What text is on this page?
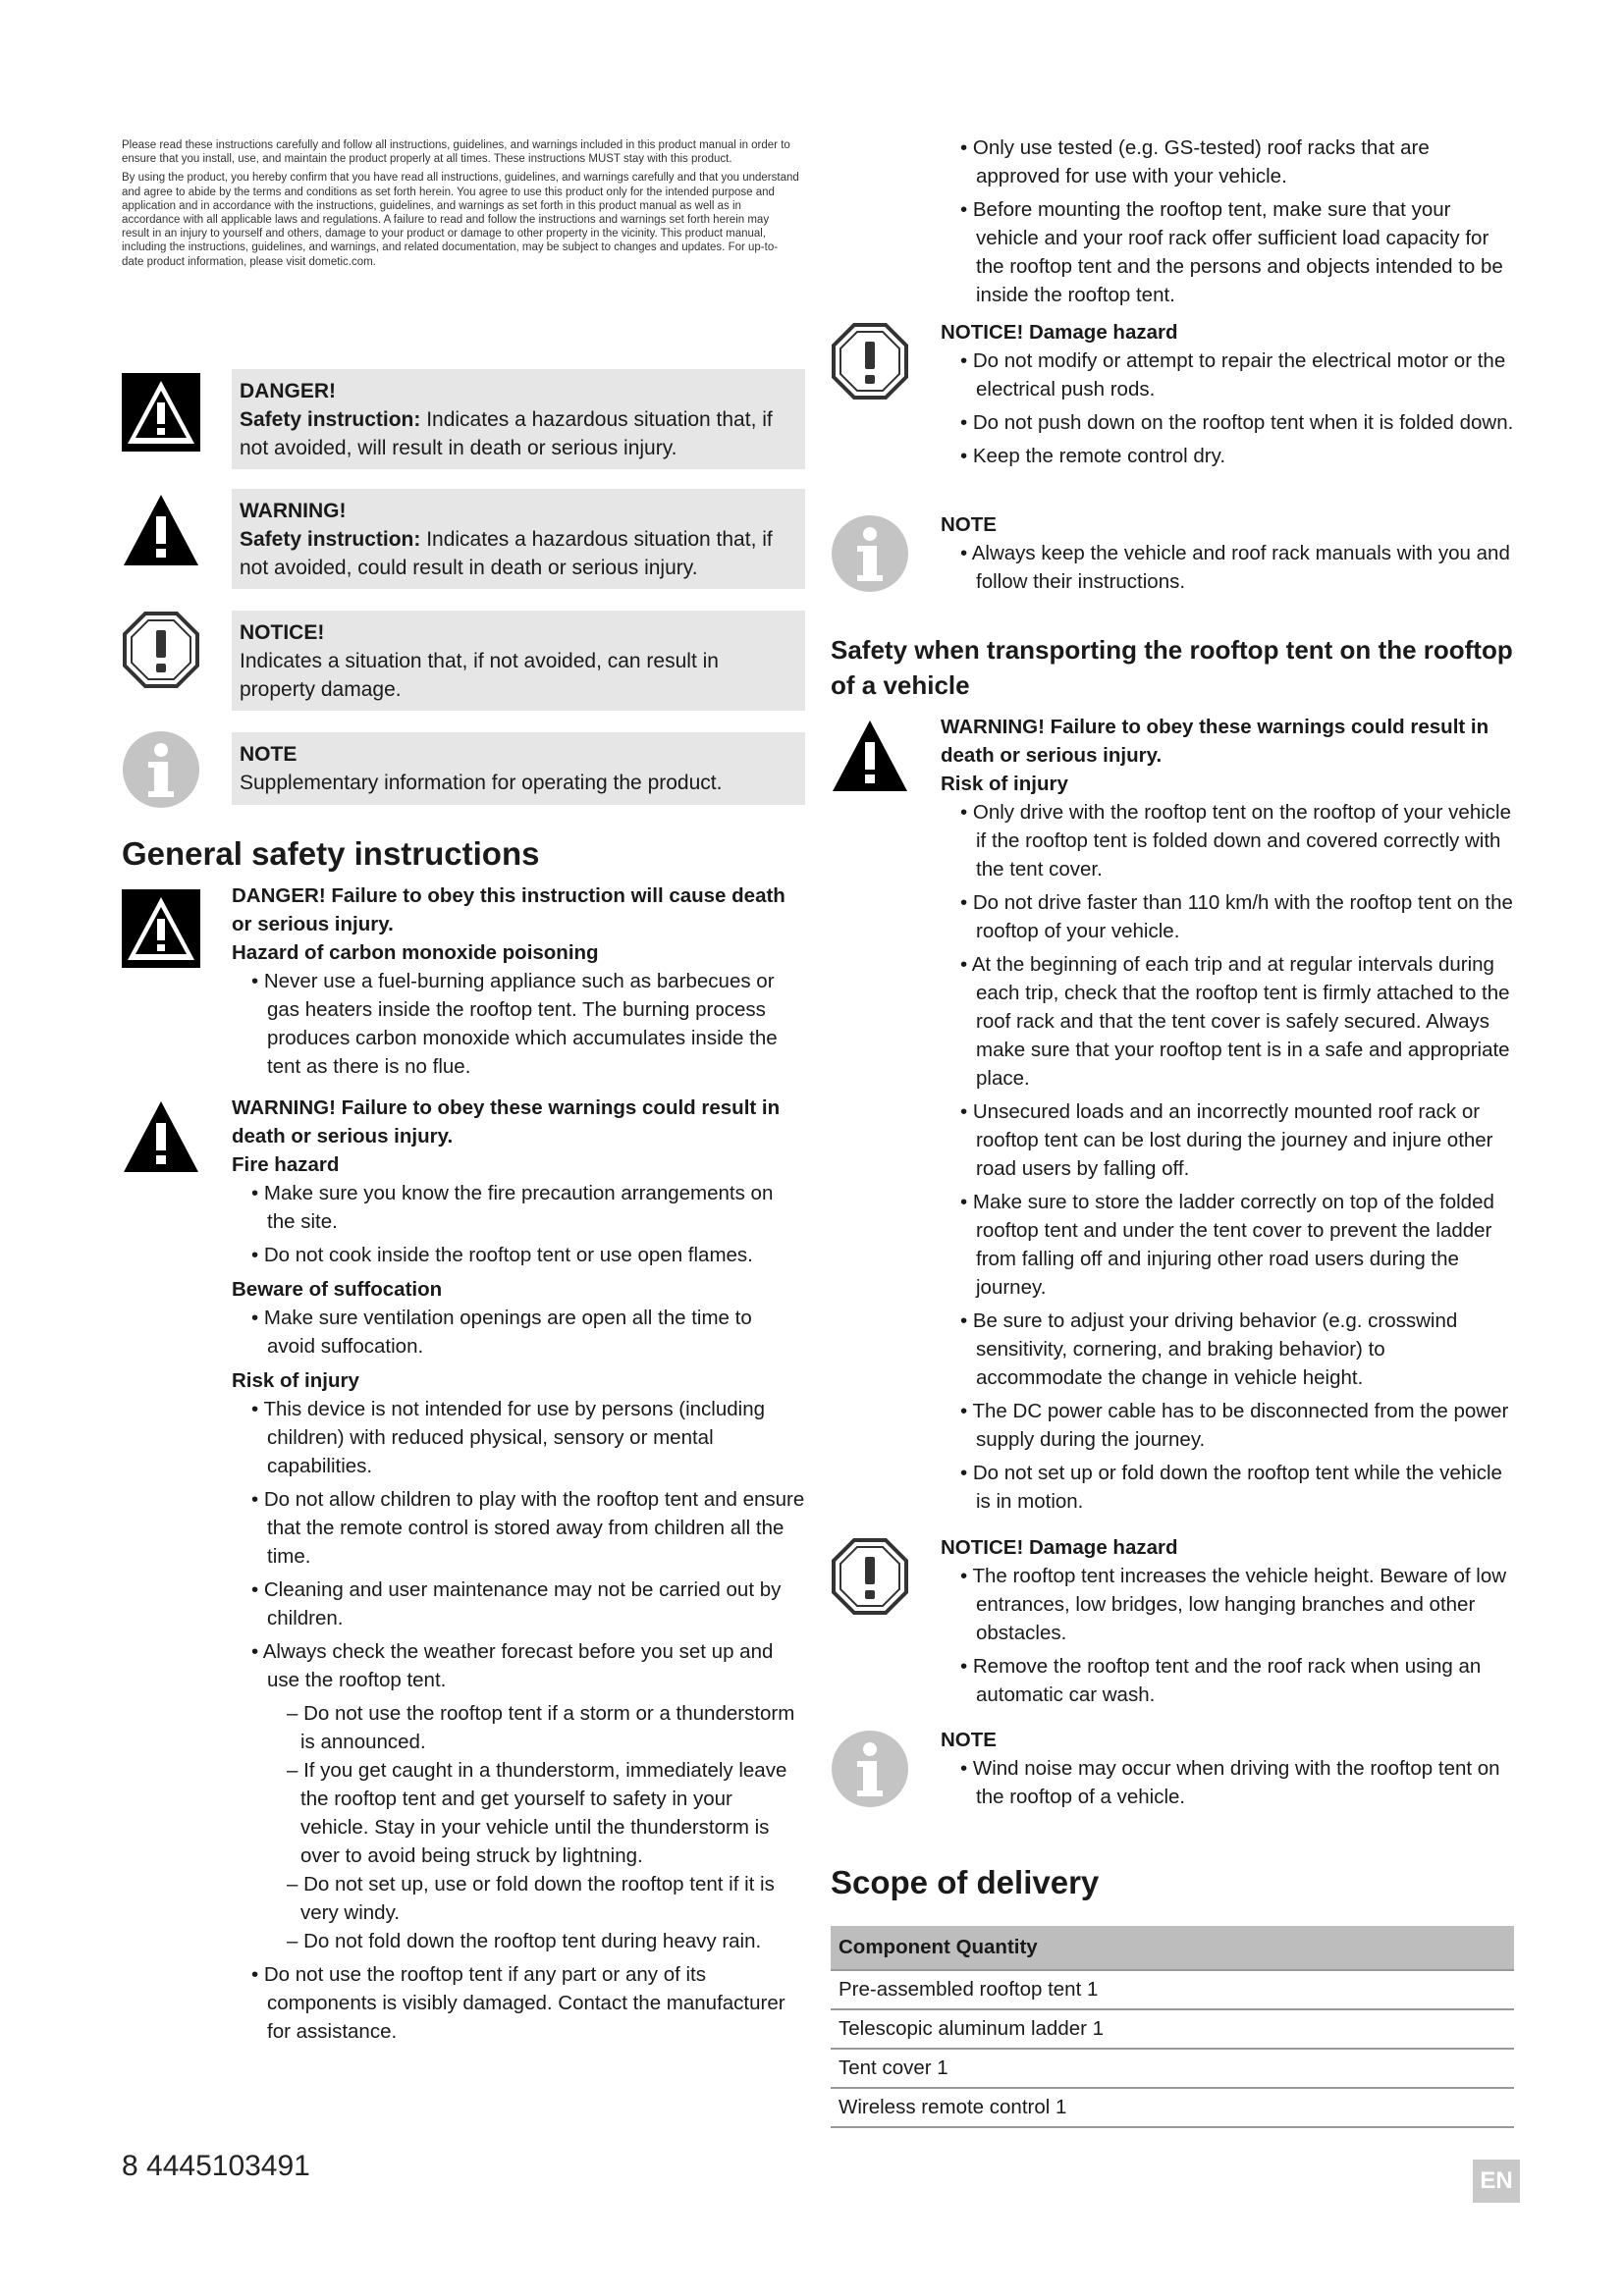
Please read these instructions carefully and follow all instructions, guidelines, and warnings included in this product manual in order to ensure that you install, use, and maintain the product properly at all times. These instructions MUST stay with this product.

By using the product, you hereby confirm that you have read all instructions, guidelines, and warnings carefully and that you understand and agree to abide by the terms and conditions as set forth herein. You agree to use this product only for the intended purpose and application and in accordance with the instructions, guidelines, and warnings as set forth in this product manual as well as in accordance with all applicable laws and regulations. A failure to read and follow the instructions and warnings set forth herein may result in an injury to yourself and others, damage to your product or damage to other property in the vicinity. This product manual, including the instructions, guidelines, and warnings, and related documentation, may be subject to changes and updates. For up-to-date product information, please visit dometic.com.

DANGER!
Safety instruction: Indicates a hazardous situation that, if not avoided, will result in death or serious injury.
WARNING!
Safety instruction: Indicates a hazardous situation that, if not avoided, could result in death or serious injury.
NOTICE!
Indicates a situation that, if not avoided, can result in property damage.
NOTE
Supplementary information for operating the product.
General safety instructions
DANGER! Failure to obey this instruction will cause death or serious injury.
Hazard of carbon monoxide poisoning
• Never use a fuel-burning appliance such as barbecues or gas heaters inside the rooftop tent. The burning process produces carbon monoxide which accumulates inside the tent as there is no flue.
WARNING! Failure to obey these warnings could result in death or serious injury.
Fire hazard
• Make sure you know the fire precaution arrangements on the site.
• Do not cook inside the rooftop tent or use open flames.
Beware of suffocation
• Make sure ventilation openings are open all the time to avoid suffocation.
Risk of injury
• This device is not intended for use by persons (including children) with reduced physical, sensory or mental capabilities.
• Do not allow children to play with the rooftop tent and ensure that the remote control is stored away from children all the time.
• Cleaning and user maintenance may not be carried out by children.
• Always check the weather forecast before you set up and use the rooftop tent.
– Do not use the rooftop tent if a storm or a thunderstorm is announced.
– If you get caught in a thunderstorm, immediately leave the rooftop tent and get yourself to safety in your vehicle. Stay in your vehicle until the thunderstorm is over to avoid being struck by lightning.
– Do not set up, use or fold down the rooftop tent if it is very windy.
– Do not fold down the rooftop tent during heavy rain.
• Do not use the rooftop tent if any part or any of its components is visibly damaged. Contact the manufacturer for assistance.
• Only use tested (e.g. GS-tested) roof racks that are approved for use with your vehicle.
• Before mounting the rooftop tent, make sure that your vehicle and your roof rack offer sufficient load capacity for the rooftop tent and the persons and objects intended to be inside the rooftop tent.
NOTICE! Damage hazard
• Do not modify or attempt to repair the electrical motor or the electrical push rods.
• Do not push down on the rooftop tent when it is folded down.
• Keep the remote control dry.
NOTE
• Always keep the vehicle and roof rack manuals with you and follow their instructions.
Safety when transporting the rooftop tent on the rooftop of a vehicle
WARNING! Failure to obey these warnings could result in death or serious injury.
Risk of injury
• Only drive with the rooftop tent on the rooftop of your vehicle if the rooftop tent is folded down and covered correctly with the tent cover.
• Do not drive faster than 110 km/h with the rooftop tent on the rooftop of your vehicle.
• At the beginning of each trip and at regular intervals during each trip, check that the rooftop tent is firmly attached to the roof rack and that the tent cover is safely secured. Always make sure that your rooftop tent is in a safe and appropriate place.
• Unsecured loads and an incorrectly mounted roof rack or rooftop tent can be lost during the journey and injure other road users by falling off.
• Make sure to store the ladder correctly on top of the folded rooftop tent and under the tent cover to prevent the ladder from falling off and injuring other road users during the journey.
• Be sure to adjust your driving behavior (e.g. crosswind sensitivity, cornering, and braking behavior) to accommodate the change in vehicle height.
• The DC power cable has to be disconnected from the power supply during the journey.
• Do not set up or fold down the rooftop tent while the vehicle is in motion.
NOTICE! Damage hazard
• The rooftop tent increases the vehicle height. Beware of low entrances, low bridges, low hanging branches and other obstacles.
• Remove the rooftop tent and the roof rack when using an automatic car wash.
NOTE
• Wind noise may occur when driving with the rooftop tent on the rooftop of a vehicle.
Scope of delivery
Component Quantity
Pre-assembled rooftop tent 1
Telescopic aluminum ladder 1
Tent cover 1
Wireless remote control 1
8 4445103491	EN
